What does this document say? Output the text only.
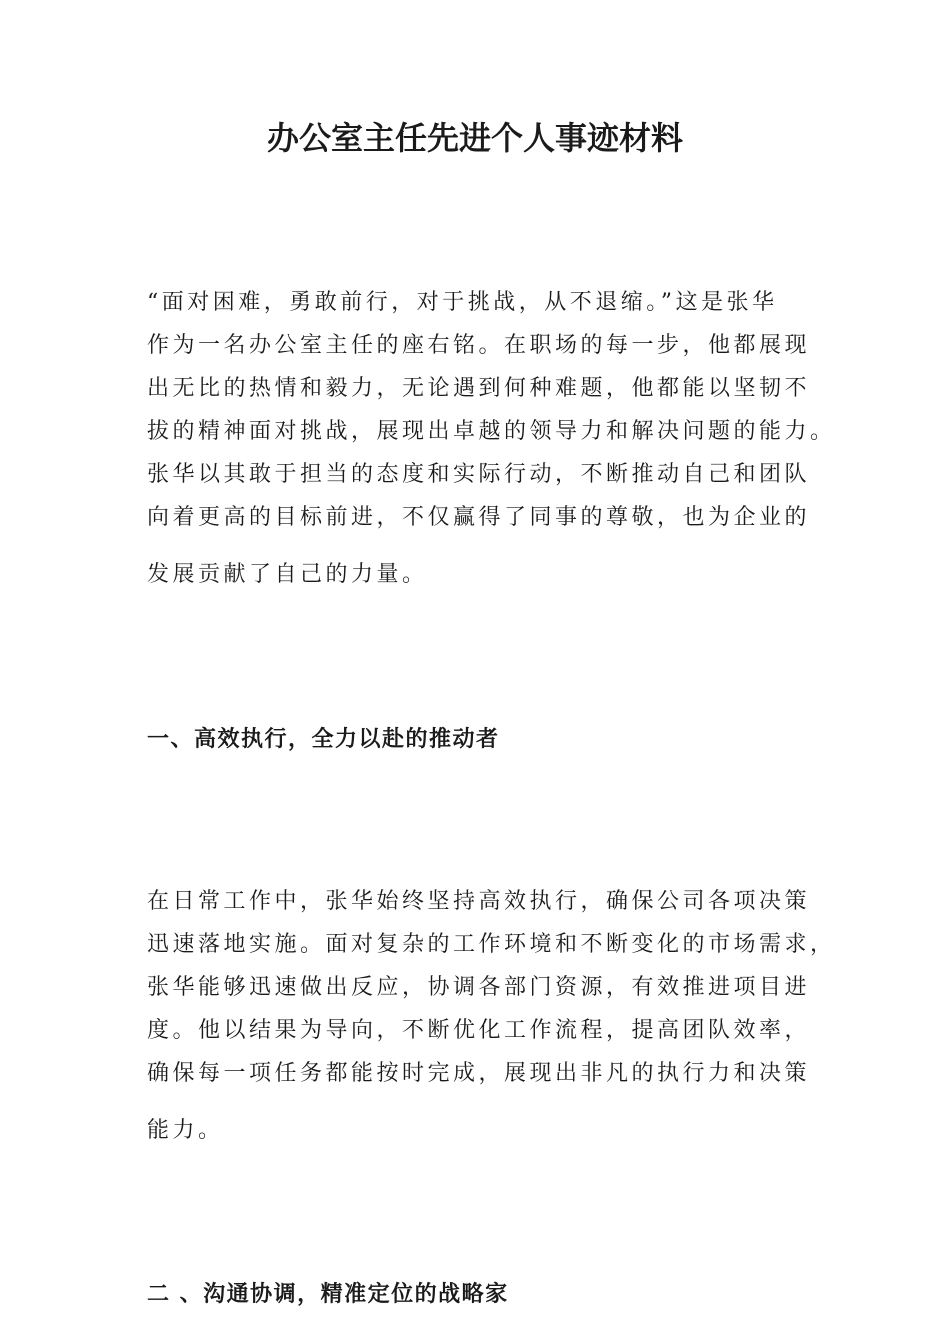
办公室主任先进个人事迹材料

“面对困难，勇敢前行，对于挑战，从不退缩。”这是张华
作为一名办公室主任的座右铭。在职场的每一步，他都展现
出无比的热情和毅力，无论遇到何种难题，他都能以坚韧不
拔的精神面对挑战，展现出卓越的领导力和解决问题的能力。
张华以其敢于担当的态度和实际行动，不断推动自己和团队
向着更高的目标前进，不仅赢得了同事的尊敬，也为企业的
发展贡献了自己的力量。

一、高效执行，全力以赴的推动者

在日常工作中，张华始终坚持高效执行，确保公司各项决策
迅速落地实施。面对复杂的工作环境和不断变化的市场需求，
张华能够迅速做出反应，协调各部门资源，有效推进项目进
度。他以结果为导向，不断优化工作流程，提高团队效率，
确保每一项任务都能按时完成，展现出非凡的执行力和决策
能力。

二 、沟通协调，精准定位的战略家
